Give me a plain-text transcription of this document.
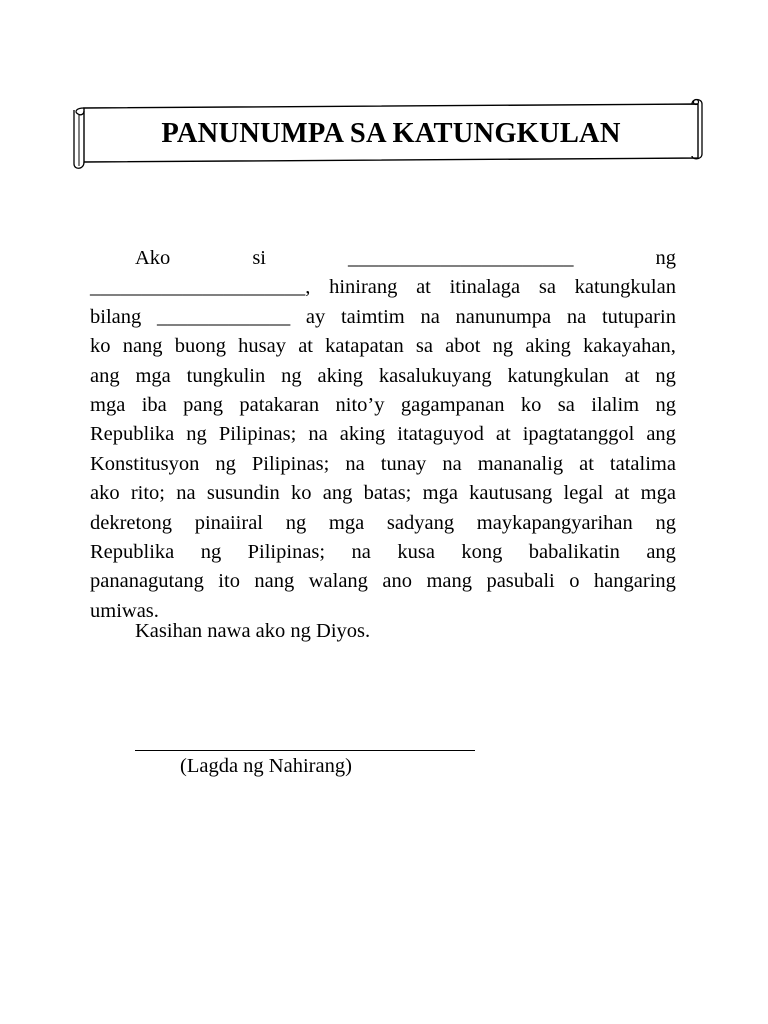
PANUNUMPA SA KATUNGKULAN
Ako	si	______________________	ng
_____________________, hinirang at itinalaga sa katungkulan
bilang _____________ ay taimtim na nanunumpa na tutuparin
ko nang buong husay at katapatan sa abot ng aking kakayahan,
ang mga tungkulin ng aking kasalukuyang katungkulan at ng
mga iba pang patakaran nito’y gagampanan ko sa ilalim ng
Republika ng Pilipinas; na aking itataguyod at ipagtatanggol ang
Konstitusyon ng Pilipinas; na tunay na mananalig at tatalima
ako rito; na susundin ko ang batas; mga kautusang legal at mga
dekretong pinaiiral ng mga sadyang maykapangyarihan ng
Republika ng Pilipinas; na kusa kong babalikatin ang
pananagutang ito nang walang ano mang pasubali o hangaring
umiwas.
Kasihan nawa ako ng Diyos.
(Lagda ng Nahirang)
